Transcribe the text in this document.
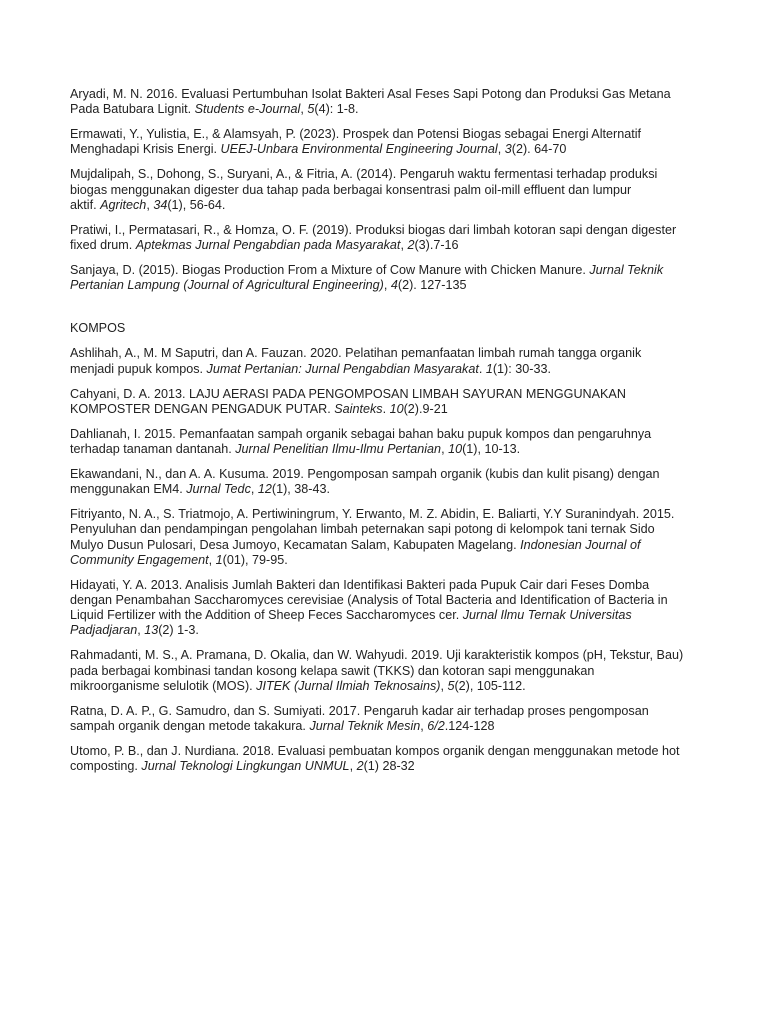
Aryadi, M. N. 2016. Evaluasi Pertumbuhan Isolat Bakteri Asal Feses Sapi Potong dan Produksi Gas Metana

Pada Batubara Lignit. Students e-Journal, 5(4): 1-8.

Ermawati, Y., Yulistia, E., & Alamsyah, P. (2023). Prospek dan Potensi Biogas sebagai Energi Alternatif

Menghadapi Krisis Energi. UEEJ-Unbara Environmental Engineering Journal, 3(2). 64-70

Mujdalipah, S., Dohong, S., Suryani, A., & Fitria, A. (2014). Pengaruh waktu fermentasi terhadap produksi

biogas menggunakan digester dua tahap pada berbagai konsentrasi palm oil-mill effluent dan lumpur

aktif. Agritech, 34(1), 56-64.

Pratiwi, I., Permatasari, R., & Homza, O. F. (2019). Produksi biogas dari limbah kotoran sapi dengan digester

fixed drum. Aptekmas Jurnal Pengabdian pada Masyarakat, 2(3).7-16

Sanjaya, D. (2015). Biogas Production From a Mixture of Cow Manure with Chicken Manure. Jurnal Teknik

Pertanian Lampung (Journal of Agricultural Engineering), 4(2). 127-135

KOMPOS

Ashlihah, A., M. M Saputri, dan A. Fauzan. 2020. Pelatihan pemanfaatan limbah rumah tangga organik

menjadi pupuk kompos. Jumat Pertanian: Jurnal Pengabdian Masyarakat. 1(1): 30-33.

Cahyani, D. A. 2013. LAJU AERASI PADA PENGOMPOSAN LIMBAH SAYURAN MENGGUNAKAN

KOMPOSTER DENGAN PENGADUK PUTAR. Sainteks. 10(2).9-21

Dahlianah, I. 2015. Pemanfaatan sampah organik sebagai bahan baku pupuk kompos dan pengaruhnya

terhadap tanaman dantanah. Jurnal Penelitian Ilmu-Ilmu Pertanian, 10(1), 10-13.

Ekawandani, N., dan A. A. Kusuma. 2019. Pengomposan sampah organik (kubis dan kulit pisang) dengan

menggunakan EM4. Jurnal Tedc, 12(1), 38-43.

Fitriyanto, N. A., S. Triatmojo, A. Pertiwiningrum, Y. Erwanto, M. Z. Abidin, E. Baliarti, Y.Y Suranindyah. 2015.

Penyuluhan dan pendampingan pengolahan limbah peternakan sapi potong di kelompok tani ternak Sido

Mulyo Dusun Pulosari, Desa Jumoyo, Kecamatan Salam, Kabupaten Magelang. Indonesian Journal of

Community Engagement, 1(01), 79-95.

Hidayati, Y. A. 2013. Analisis Jumlah Bakteri dan Identifikasi Bakteri pada Pupuk Cair dari Feses Domba

dengan Penambahan Saccharomyces cerevisiae (Analysis of Total Bacteria and Identification of Bacteria in

Liquid Fertilizer with the Addition of Sheep Feces Saccharomyces cer. Jurnal Ilmu Ternak Universitas

Padjadjaran, 13(2) 1-3.

Rahmadanti, M. S., A. Pramana, D. Okalia, dan W. Wahyudi. 2019. Uji karakteristik kompos (pH, Tekstur, Bau)

pada berbagai kombinasi tandan kosong kelapa sawit (TKKS) dan kotoran sapi menggunakan

mikroorganisme selulotik (MOS). JITEK (Jurnal Ilmiah Teknosains), 5(2), 105-112.

Ratna, D. A. P., G. Samudro, dan S. Sumiyati. 2017. Pengaruh kadar air terhadap proses pengomposan

sampah organik dengan metode takakura. Jurnal Teknik Mesin, 6/2.124-128

Utomo, P. B., dan J. Nurdiana. 2018. Evaluasi pembuatan kompos organik dengan menggunakan metode hot

composting. Jurnal Teknologi Lingkungan UNMUL, 2(1) 28-32
